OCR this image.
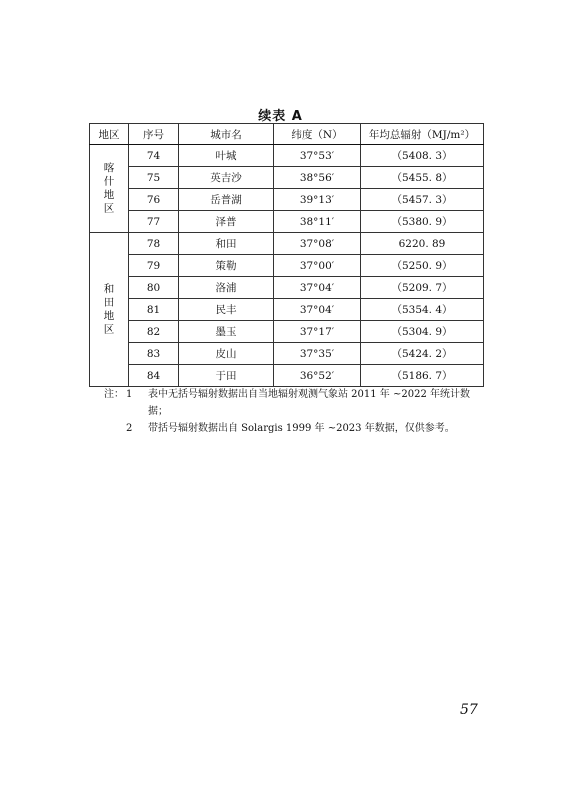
续表 A
地区	序号	城市名	纬度（N）	年均总辐射（MJ/m²）
喀什地区	74	叶城	37°53′	（5408. 3）
	75	英吉沙	38°56′	（5455. 8）
	76	岳普湖	39°13′	（5457. 3）
	77	泽普	38°11′	（5380. 9）
和田地区	78	和田	37°08′	6220. 89
	79	策勒	37°00′	（5250. 9）
	80	洛浦	37°04′	（5209. 7）
	81	民丰	37°04′	（5354. 4）
	82	墨玉	37°17′	（5304. 9）
	83	皮山	37°35′	（5424. 2）
	84	于田	36°52′	（5186. 7）
注： 1	表中无括号辐射数据出自当地辐射观测气象站 2011 年 ~2022 年统计数据；
2	带括号辐射数据出自 Solargis 1999 年 ~2023 年数据，仅供参考。
57
